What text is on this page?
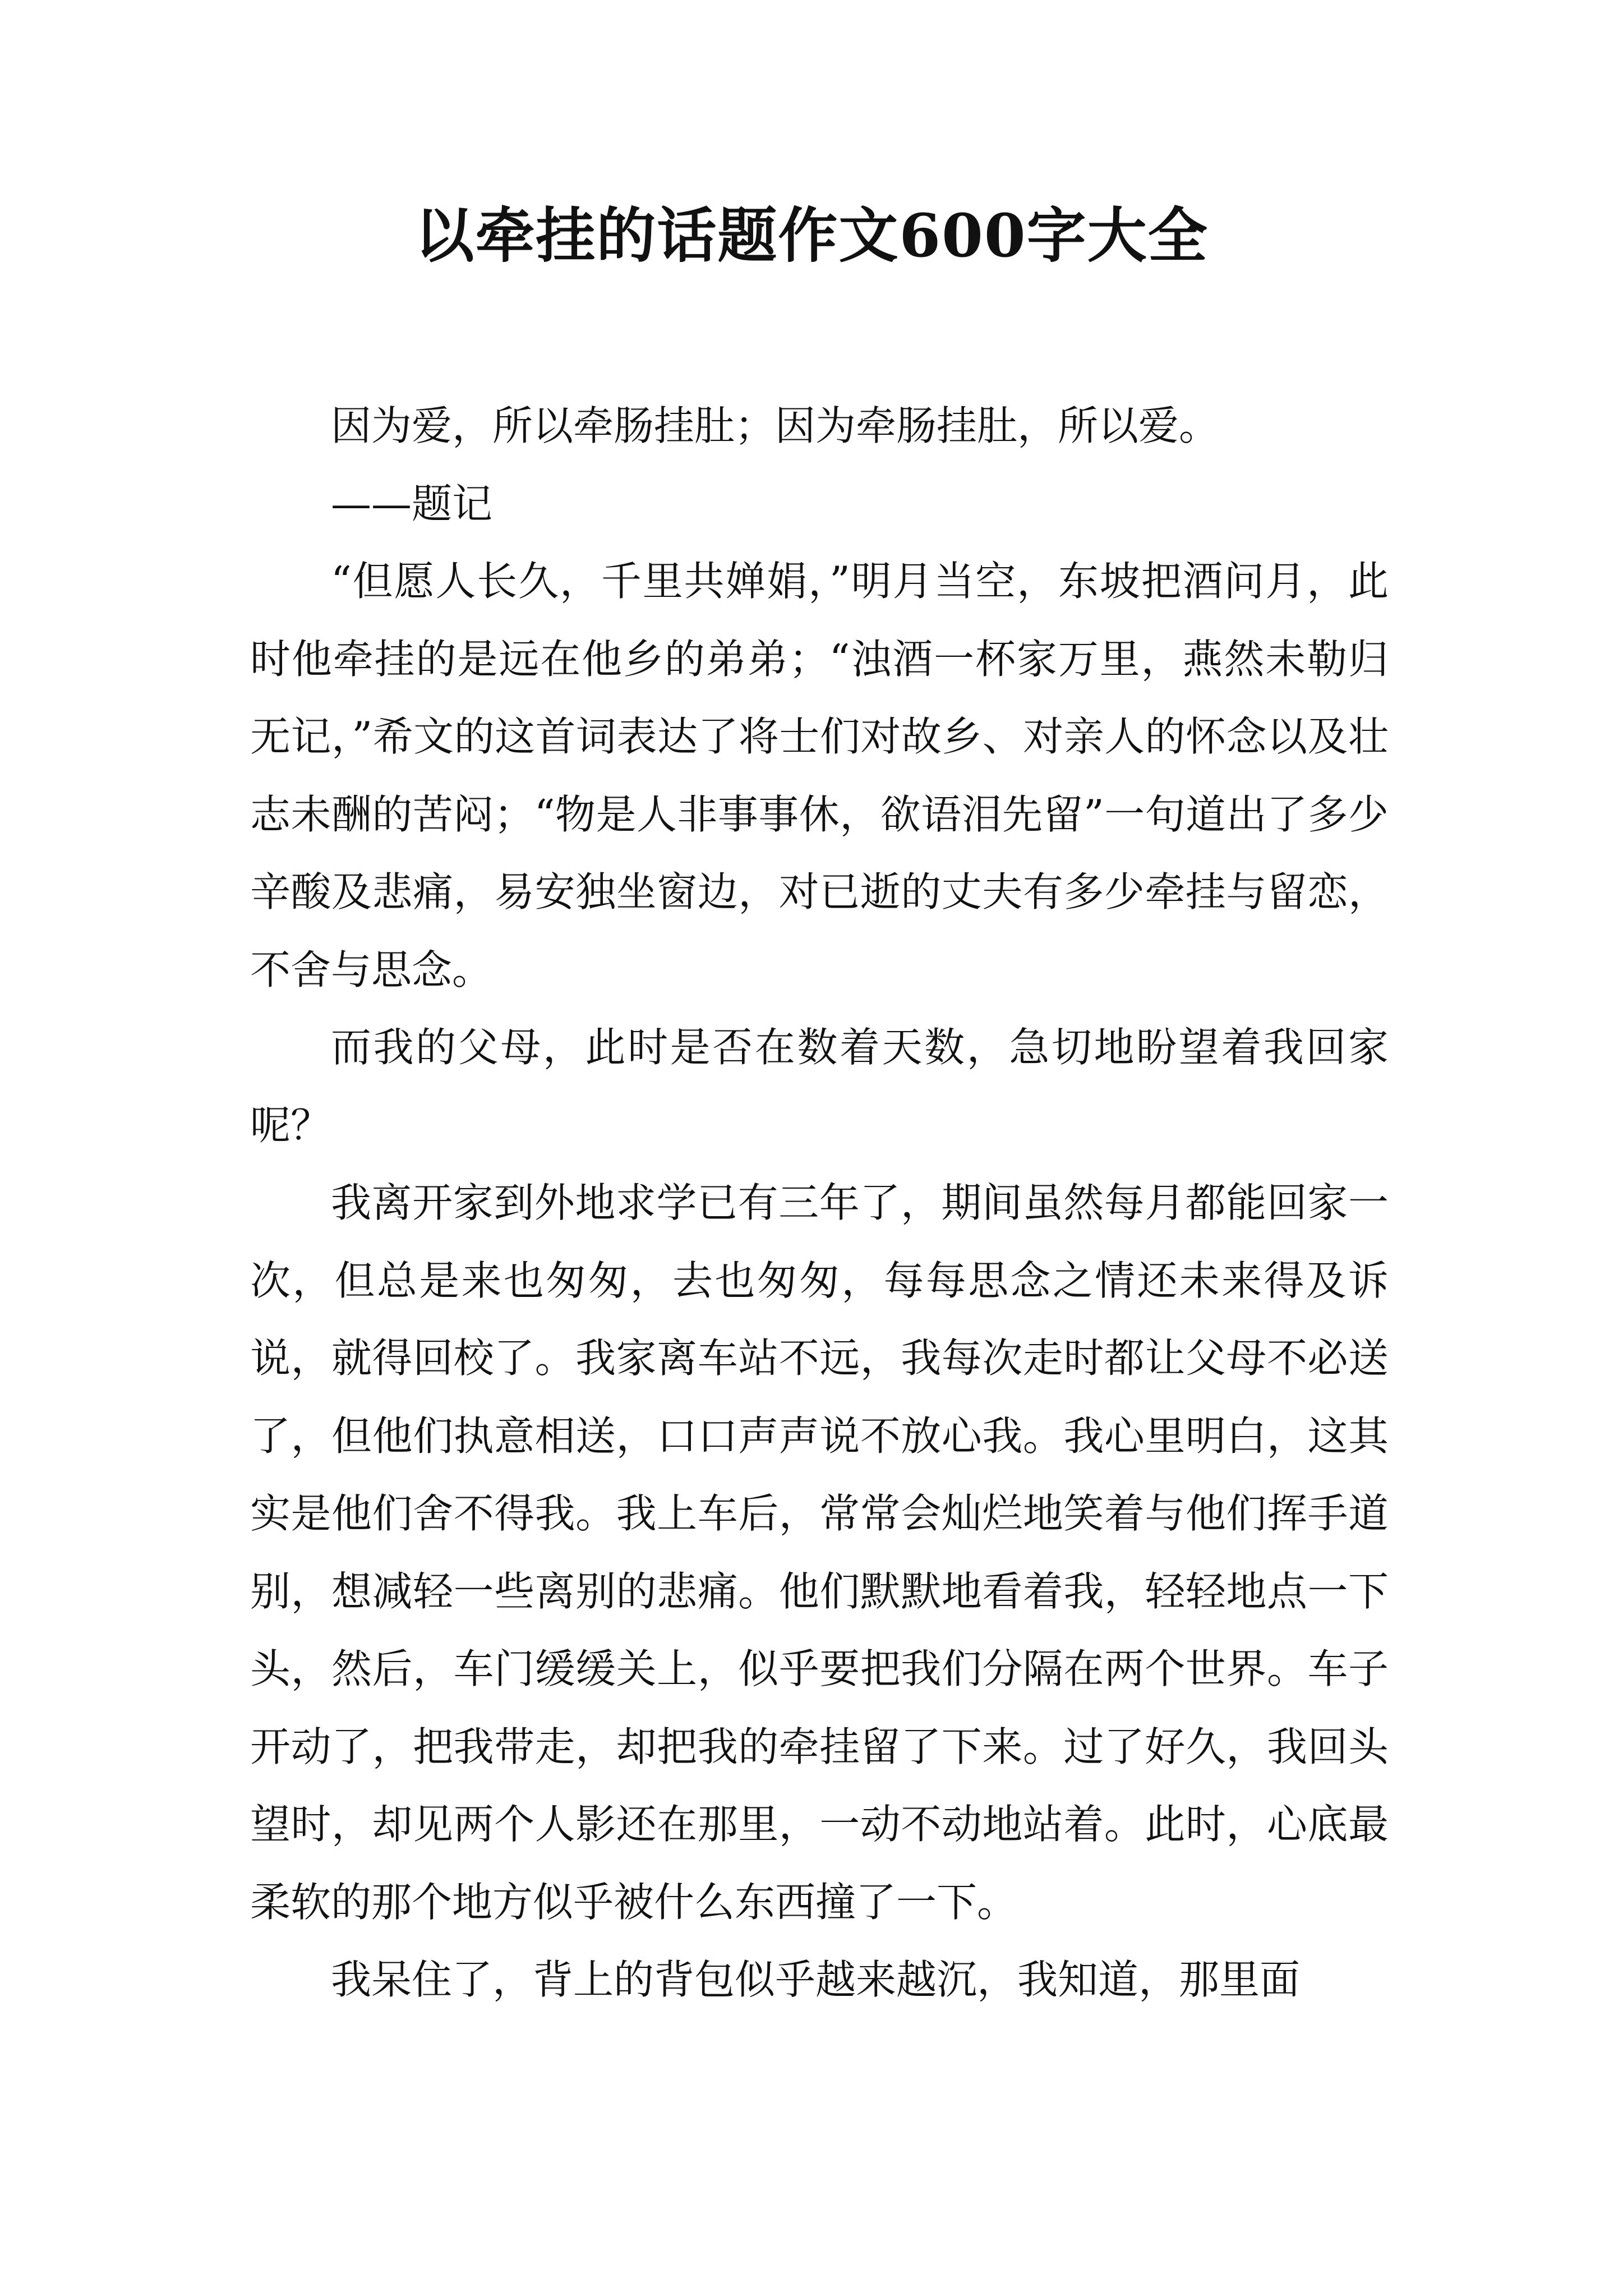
以牵挂的话题作文600字大全

因为爱，所以牵肠挂肚；因为牵肠挂肚，所以爱。

——题记

“但愿人长久，千里共婵娟，”明月当空，东坡把酒问月，此时他牵挂的是远在他乡的弟弟；“浊酒一杯家万里，燕然未勒归无记，”希文的这首词表达了将士们对故乡、对亲人的怀念以及壮志未酬的苦闷；“物是人非事事休，欲语泪先留”一句道出了多少辛酸及悲痛，易安独坐窗边，对已逝的丈夫有多少牵挂与留恋，不舍与思念。

而我的父母，此时是否在数着天数，急切地盼望着我回家呢？

我离开家到外地求学已有三年了，期间虽然每月都能回家一次，但总是来也匆匆，去也匆匆，每每思念之情还未来得及诉说，就得回校了。我家离车站不远，我每次走时都让父母不必送了，但他们执意相送，口口声声说不放心我。我心里明白，这其实是他们舍不得我。我上车后，常常会灿烂地笑着与他们挥手道别，想减轻一些离别的悲痛。他们默默地看着我，轻轻地点一下头，然后，车门缓缓关上，似乎要把我们分隔在两个世界。车子开动了，把我带走，却把我的牵挂留了下来。过了好久，我回头望时，却见两个人影还在那里，一动不动地站着。此时，心底最柔软的那个地方似乎被什么东西撞了一下。

我呆住了，背上的背包似乎越来越沉，我知道，那里面
